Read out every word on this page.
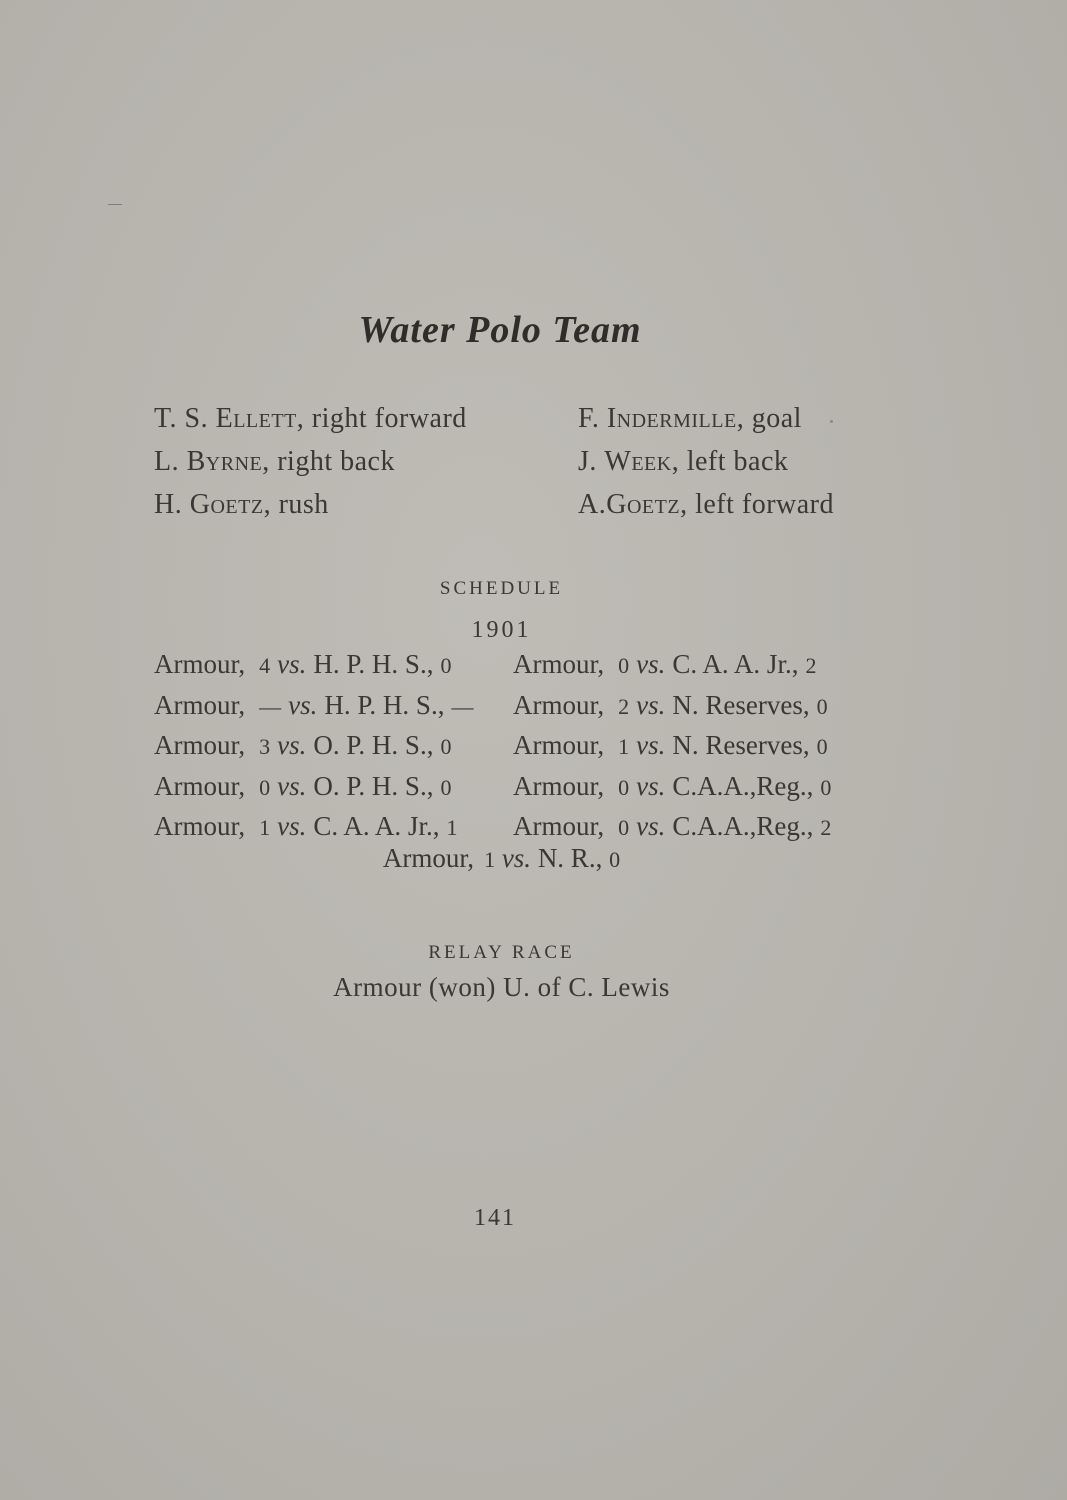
Water Polo Team
T. S. Ellett, right forward
L. Byrne, right back
H. Goetz, rush
F. Indermille, goal
J. Week, left back
A.Goetz, left forward
SCHEDULE
1901
Armour, 4 vs. H. P. H. S., 0
Armour, — vs. H. P. H. S., —
Armour, 3 vs. O. P. H. S., 0
Armour, 0 vs. O. P. H. S., 0
Armour, 1 vs. C. A. A. Jr., 1
Armour, 0 vs. C. A. A. Jr., 2
Armour, 2 vs. N. Reserves, 0
Armour, 1 vs. N. Reserves, 0
Armour, 0 vs. C.A.A.,Reg., 0
Armour, 0 vs. C.A.A.,Reg., 2
Armour, 1 vs. N. R., 0
RELAY RACE
Armour (won) U. of C. Lewis
141
